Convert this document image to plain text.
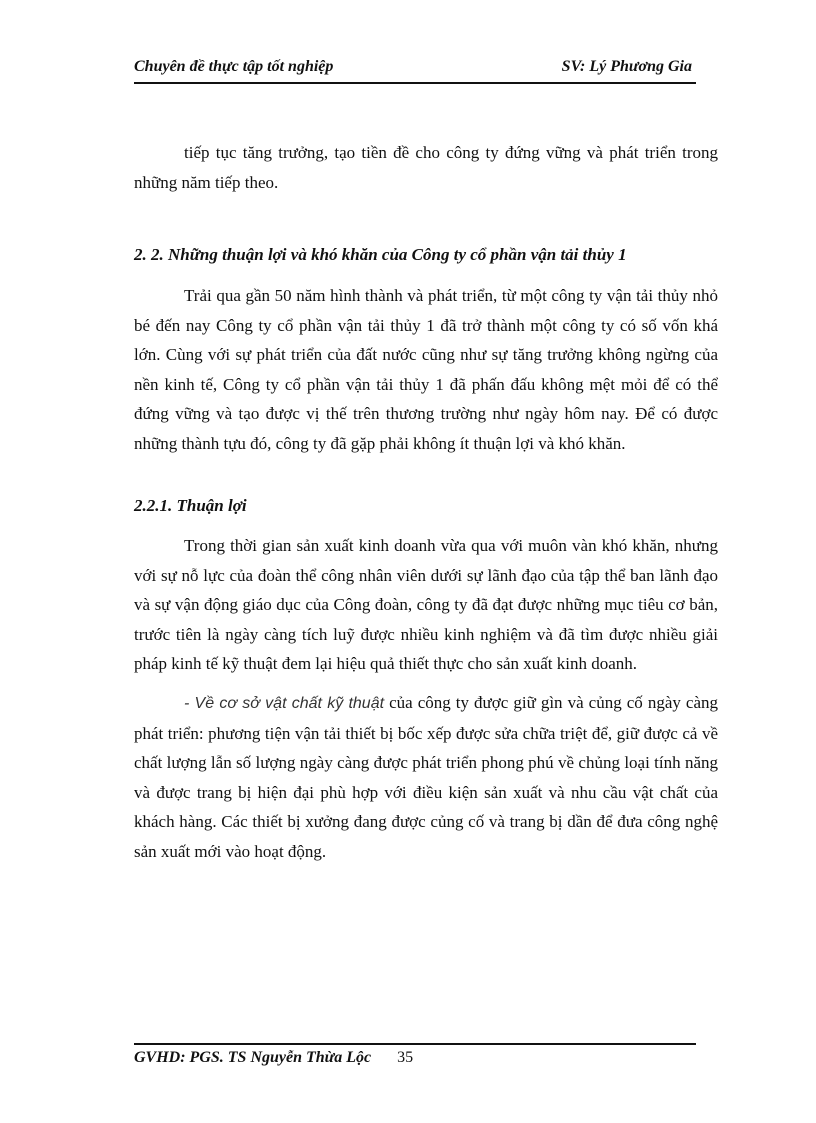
Chuyên đề thực tập tốt nghiệp	SV: Lý Phương Gia

tiếp tục tăng trưởng, tạo tiền đề cho công ty đứng vững và phát triển trong những năm tiếp theo.

2. 2. Những thuận lợi và khó khăn của Công ty cổ phần vận tải thủy 1

Trải qua gần 50 năm hình thành và phát triển, từ một công ty vận tải thủy nhỏ bé đến nay Công ty cổ phần vận tải thủy 1 đã trở thành một công ty có số vốn khá lớn. Cùng với sự phát triển của đất nước cũng như sự tăng trưởng không ngừng của nền kinh tế, Công ty cổ phần vận tải thủy 1 đã phấn đấu không mệt mỏi để có thể đứng vững và tạo được vị thế trên thương trường như ngày hôm nay. Để có được những thành tựu đó, công ty đã gặp phải không ít thuận lợi và khó khăn.

2.2.1. Thuận lợi

Trong thời gian sản xuất kinh doanh vừa qua với muôn vàn khó khăn, nhưng với sự nỗ lực của đoàn thể công nhân viên dưới sự lãnh đạo của tập thể ban lãnh đạo và sự vận động giáo dục của Công đoàn, công ty đã đạt được những mục tiêu cơ bản, trước tiên là ngày càng tích luỹ được nhiều kinh nghiệm và đã tìm được nhiều giải pháp kinh tế kỹ thuật đem lại hiệu quả thiết thực cho sản xuất kinh doanh.

- Về cơ sở vật chất kỹ thuật của công ty được giữ gìn và củng cố ngày càng phát triển: phương tiện vận tải thiết bị bốc xếp được sửa chữa triệt để, giữ được cả về chất lượng lẫn số lượng ngày càng được phát triển phong phú về chủng loại tính năng và được trang bị hiện đại phù hợp với điều kiện sản xuất và nhu cầu vật chất của khách hàng. Các thiết bị xưởng đang được củng cố và trang bị dần để đưa công nghệ sản xuất mới vào hoạt động.

GVHD: PGS. TS Nguyễn Thừa Lộc 35
